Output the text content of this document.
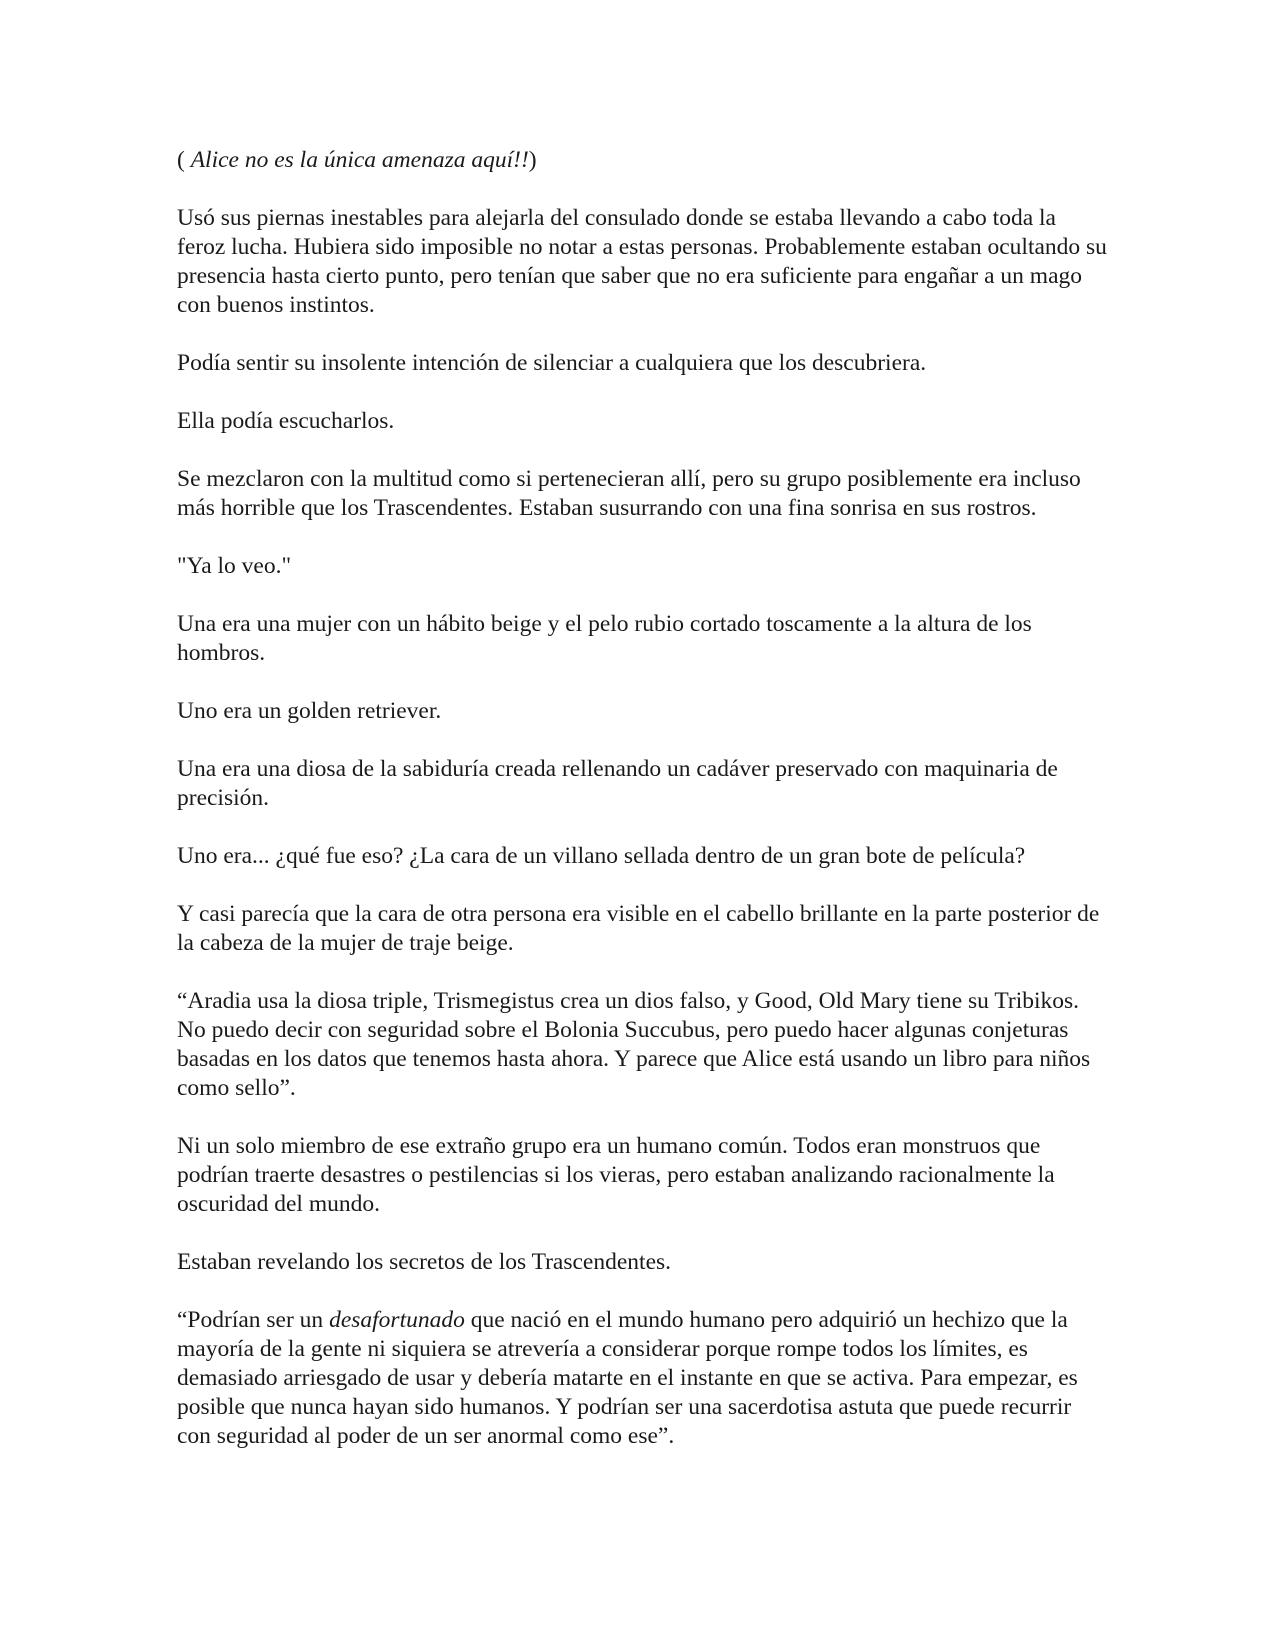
( Alice no es la única amenaza aquí!!)

Usó sus piernas inestables para alejarla del consulado donde se estaba llevando a cabo toda la feroz lucha. Hubiera sido imposible no notar a estas personas. Probablemente estaban ocultando su presencia hasta cierto punto, pero tenían que saber que no era suficiente para engañar a un mago con buenos instintos.

Podía sentir su insolente intención de silenciar a cualquiera que los descubriera.

Ella podía escucharlos.

Se mezclaron con la multitud como si pertenecieran allí, pero su grupo posiblemente era incluso más horrible que los Trascendentes. Estaban susurrando con una fina sonrisa en sus rostros.

"Ya lo veo."

Una era una mujer con un hábito beige y el pelo rubio cortado toscamente a la altura de los hombros.

Uno era un golden retriever.

Una era una diosa de la sabiduría creada rellenando un cadáver preservado con maquinaria de precisión.

Uno era... ¿qué fue eso? ¿La cara de un villano sellada dentro de un gran bote de película?

Y casi parecía que la cara de otra persona era visible en el cabello brillante en la parte posterior de la cabeza de la mujer de traje beige.

“Aradia usa la diosa triple, Trismegistus crea un dios falso, y Good, Old Mary tiene su Tribikos. No puedo decir con seguridad sobre el Bolonia Succubus, pero puedo hacer algunas conjeturas basadas en los datos que tenemos hasta ahora. Y parece que Alice está usando un libro para niños como sello”.

Ni un solo miembro de ese extraño grupo era un humano común. Todos eran monstruos que podrían traerte desastres o pestilencias si los vieras, pero estaban analizando racionalmente la oscuridad del mundo.

Estaban revelando los secretos de los Trascendentes.

“Podrían ser un desafortunado que nació en el mundo humano pero adquirió un hechizo que la mayoría de la gente ni siquiera se atrevería a considerar porque rompe todos los límites, es demasiado arriesgado de usar y debería matarte en el instante en que se activa. Para empezar, es posible que nunca hayan sido humanos. Y podrían ser una sacerdotisa astuta que puede recurrir con seguridad al poder de un ser anormal como ese”.
